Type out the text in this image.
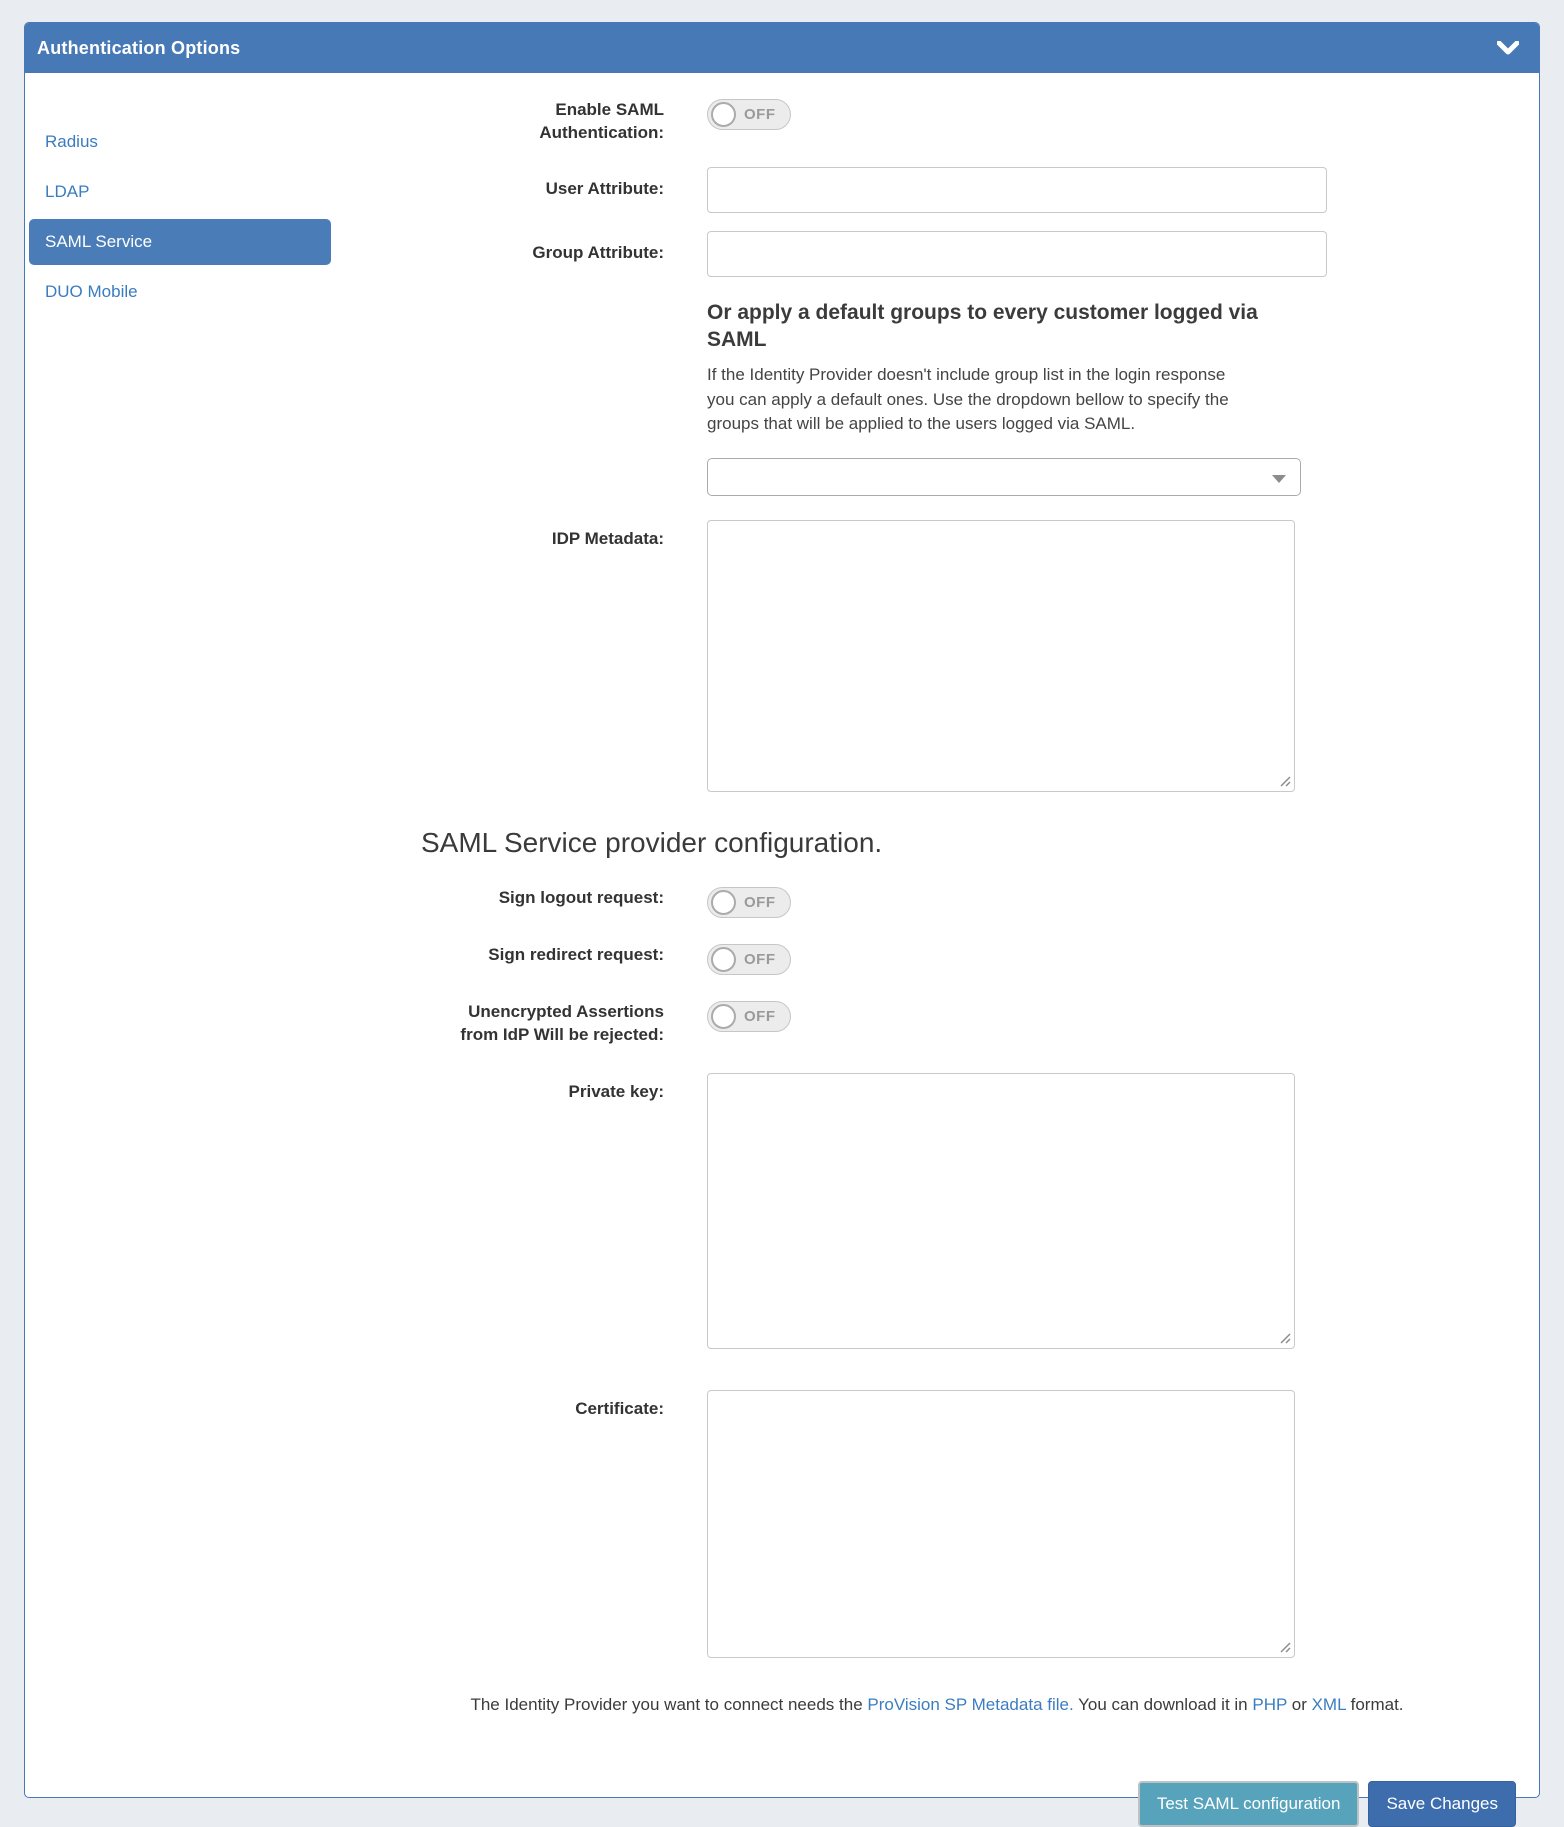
Authentication Options
Radius
LDAP
SAML Service
DUO Mobile
Enable SAML Authentication:
OFF
User Attribute:
Group Attribute:
Or apply a default groups to every customer logged via SAML
If the Identity Provider doesn't include group list in the login response you can apply a default ones. Use the dropdown bellow to specify the groups that will be applied to the users logged via SAML.
IDP Metadata:
SAML Service provider configuration.
Sign logout request:	OFF
Sign redirect request:	OFF
Unencrypted Assertions from IdP Will be rejected:
OFF
Private key:
Certificate:
The Identity Provider you want to connect needs the ProVision SP Metadata file. You can download it in PHP or XML format.
Test SAML configuration	Save Changes
